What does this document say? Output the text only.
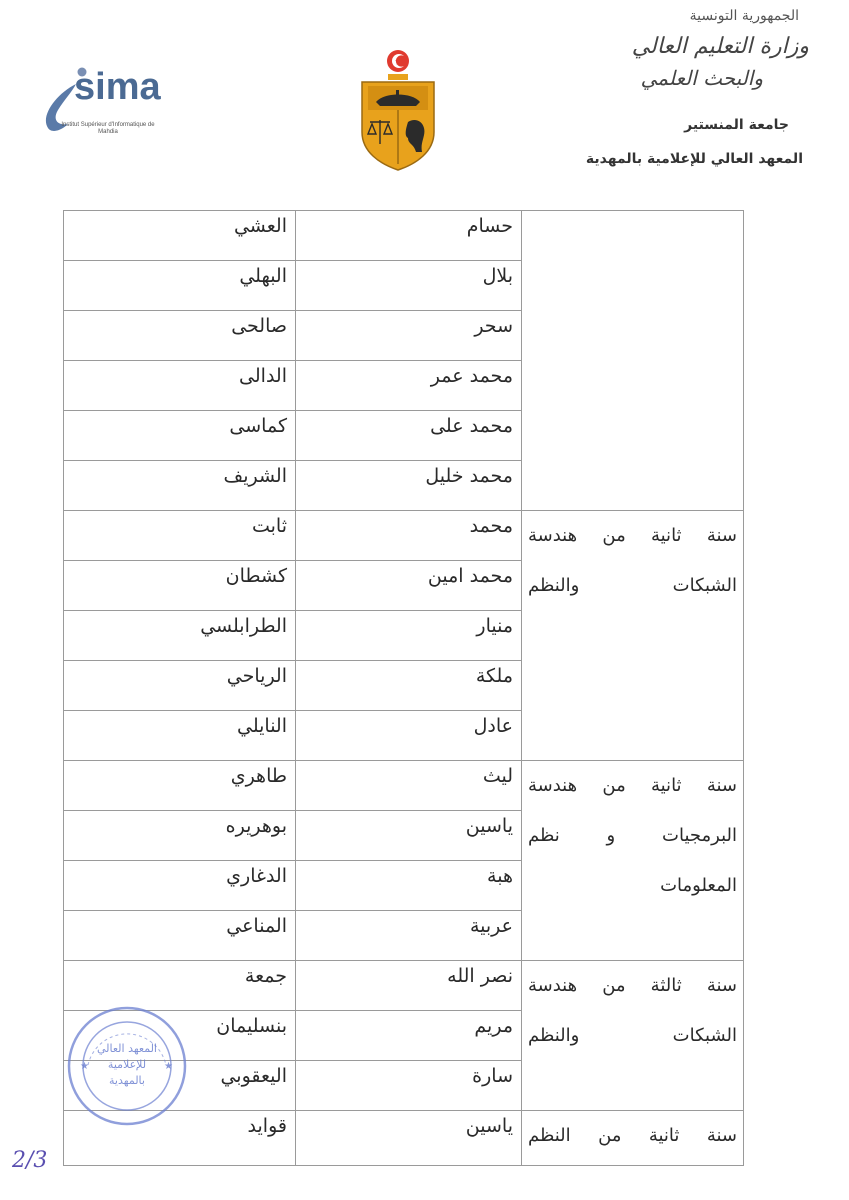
الجمهورية التونسية
وزارة التعليم العالي
والبحث العلمي
جامعة المنستير
المعهد العالي للإعلامية بالمهدية
sima
Institut Supérieur d'Informatique de Mahdia
	حسام	العشي
	بلال	البهلي
	سحر	صالحى
	محمد عمر	الدالى
	محمد على	كماسى
	محمد خليل	الشريف

سنة ثانية من هندسة
الشبكات والنظم	محمد	ثابت
	محمد امين	كشطان
	منيار	الطرابلسي
	ملكة	الرياحي
	عادل	النايلي

سنة ثانية من هندسة
البرمجيات و نظم
المعلومات	ليث	طاهري
	ياسين	بوهريره
	هبة	الدغاري
	عربية	المناعي

سنة ثالثة من هندسة
الشبكات والنظم	نصر الله	جمعة
	مريم	بنسليمان
	سارة	اليعقوبي

سنة ثانية من النظم	ياسين	قوايد
★	★
المعهد العالي للإعلامية بالمهدية
2/3
